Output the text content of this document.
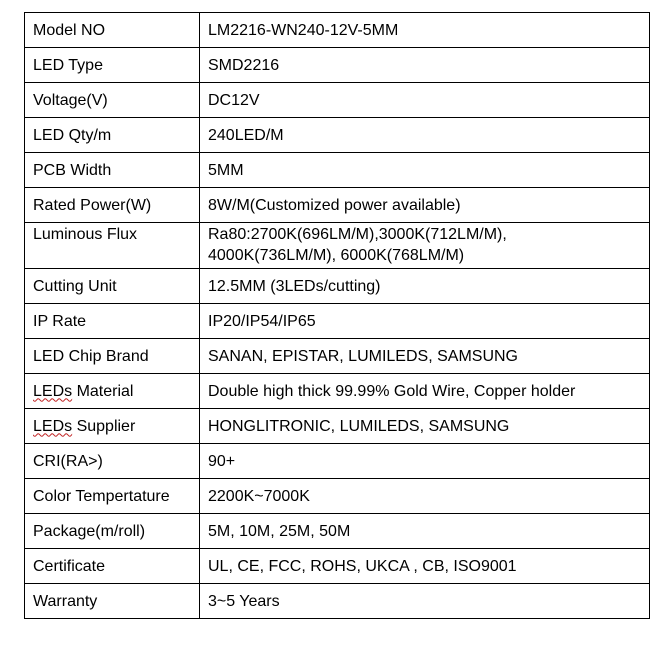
Model NO	LM2216-WN240-12V-5MM
LED Type	SMD2216
Voltage(V)	DC12V
LED Qty/m	240LED/M
PCB Width	5MM
Rated Power(W)	8W/M(Customized power available)
Luminous Flux	Ra80:2700K(696LM/M),3000K(712LM/M),
4000K(736LM/M), 6000K(768LM/M)

Cutting Unit	12.5MM (3LEDs/cutting)
IP Rate	IP20/IP54/IP65
LED Chip Brand	SANAN, EPISTAR, LUMILEDS, SAMSUNG
LEDs Material	Double high thick 99.99% Gold Wire, Copper holder
LEDs Supplier	HONGLITRONIC, LUMILEDS, SAMSUNG
CRI(RA>)	90+
Color Tempertature	2200K~7000K
Package(m/roll)	5M, 10M, 25M, 50M
Certificate	UL, CE, FCC, ROHS, UKCA , CB, ISO9001
Warranty	3~5 Years
